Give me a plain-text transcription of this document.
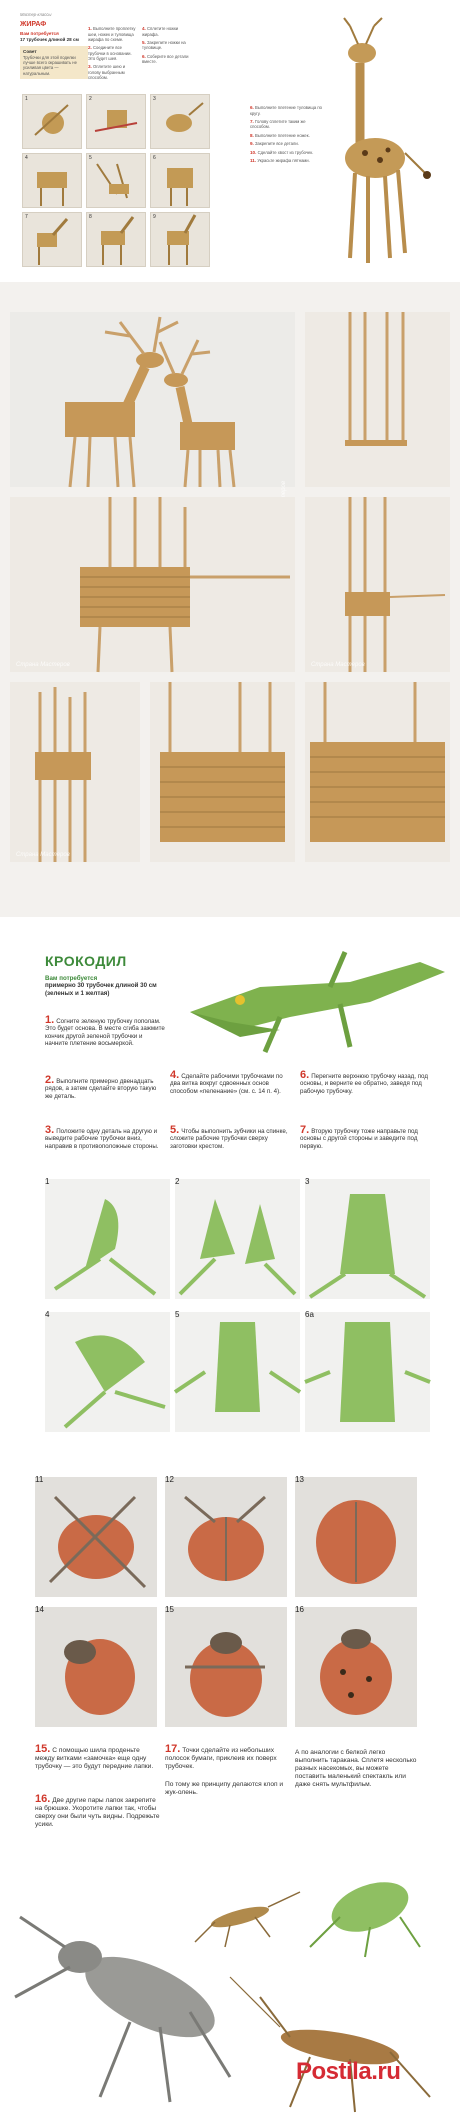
Мастер-классы
ЖИРАФ
Вам потребуется
17 трубочек длиной 28 см
Совет
Трубочки для этой поделки лучше всего окрашивать не усиливая цвета — натуральным.
1. Выполните проплетку шеи, ножек и туловища жирафа по схеме.
2. Соедините все трубочки в основании. Это будет шея.
3. Оплетите шею и голову выбранным способом.
4. Сплетите ножки жирафа.
5. Закрепите ножки на туловище.
6. Соберите все детали вместе.
1	2	3
4	5	6
7	8	9

6. Выполните плетение туловища по кругу.

7. Голову сплетите таким же способом.

8. Выполните плетение ножек.

9. Закрепите все детали.

10. Сделайте хвост из трубочек.

11. Украсьте жирафа пятнами.

Страна Мастеров	Страна Мастеров
Страна Мастеров
КРОКОДИЛ
Вам потребуется
примерно 30 трубочек длиной 30 см (зеленых и 1 желтая)
1. Согните зеленую трубочку пополам. Это будет основа. В месте сгиба зажмите кончик другой зеленой трубочки и начните плетение восьмеркой.
2. Выполните примерно двенадцать рядов, а затем сделайте вторую такую же деталь.
3. Положите одну деталь на другую и выведите рабочие трубочки вниз, направив в противоположные стороны.
4. Сделайте рабочими трубочками по два витка вокруг сдвоенных основ способом «пеленание» (см. с. 14 п. 4).
5. Чтобы выполнить зубчики на спинке, сложите рабочие трубочки сверху заготовки крестом.
6. Перегните верхнюю трубочку назад, под основы, и верните ее обратно, заведя под рабочую трубочку.
7. Вторую трубочку тоже направьте под основы с другой стороны и заведите под первую.
1	2	3
4	5	6а
11	12	13
14	15	16
15. С помощью шила проденьте между витками «замочка» еще одну трубочку — это будут передние лапки.
16. Две другие пары лапок закрепите на брюшке. Укоротите лапки так, чтобы сверху они были чуть видны. Подрежьте усики.
17. Точки сделайте из небольших полосок бумаги, приклеив их поверх трубочек.
По тому же принципу делаются клоп и жук-олень.
А по аналогии с белкой легко выполнить таракана. Сплетя несколько разных насекомых, вы можете поставить маленький спектакль или даже снять мультфильм.
Postila.ru
